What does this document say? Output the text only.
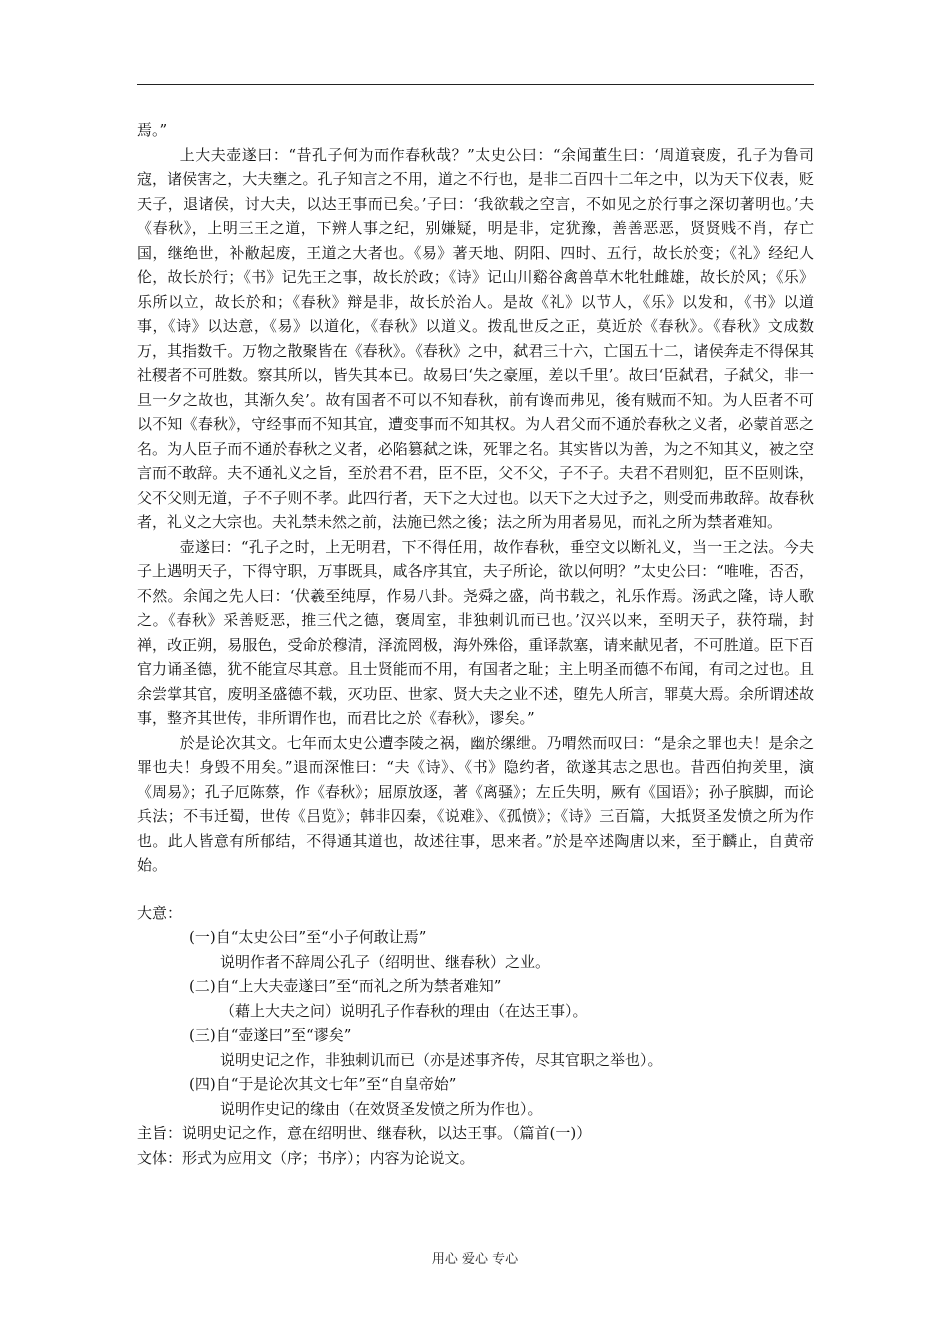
焉。”

上大夫壶遂曰：“昔孔子何为而作春秋哉？”太史公曰：“余闻董生曰：‘周道衰废，孔子为鲁司寇，诸侯害之，大夫壅之。孔子知言之不用，道之不行也，是非二百四十二年之中，以为天下仪表，贬天子，退诸侯，讨大夫，以达王事而已矣。’子曰：‘我欲载之空言，不如见之於行事之深切著明也。’夫《春秋》，上明三王之道，下辨人事之纪，别嫌疑，明是非，定犹豫，善善恶恶，贤贤贱不肖，存亡国，继绝世，补敝起废，王道之大者也。《易》著天地、阴阳、四时、五行，故长於变；《礼》经纪人伦，故长於行；《书》记先王之事，故长於政；《诗》记山川谿谷禽兽草木牝牡雌雄，故长於风；《乐》乐所以立，故长於和；《春秋》辩是非，故长於治人。是故《礼》以节人，《乐》以发和，《书》以道事，《诗》以达意，《易》以道化，《春秋》以道义。拨乱世反之正，莫近於《春秋》。《春秋》文成数万，其指数千。万物之散聚皆在《春秋》。《春秋》之中，弑君三十六，亡国五十二，诸侯奔走不得保其社稷者不可胜数。察其所以，皆失其本已。故易曰‘失之豪厘，差以千里’。故曰‘臣弑君，子弑父，非一旦一夕之故也，其渐久矣’。故有国者不可以不知春秋，前有谗而弗见，後有贼而不知。为人臣者不可以不知《春秋》，守经事而不知其宜，遭变事而不知其权。为人君父而不通於春秋之义者，必蒙首恶之名。为人臣子而不通於春秋之义者，必陷篡弑之诛，死罪之名。其实皆以为善，为之不知其义，被之空言而不敢辞。夫不通礼义之旨，至於君不君，臣不臣，父不父，子不子。夫君不君则犯，臣不臣则诛，父不父则无道，子不子则不孝。此四行者，天下之大过也。以天下之大过予之，则受而弗敢辞。故春秋者，礼义之大宗也。夫礼禁未然之前，法施已然之後；法之所为用者易见，而礼之所为禁者难知。

壶遂曰：“孔子之时，上无明君，下不得任用，故作春秋，垂空文以断礼义，当一王之法。今夫子上遇明天子，下得守职，万事既具，咸各序其宜，夫子所论，欲以何明？”太史公曰：“唯唯，否否，不然。余闻之先人曰：‘伏羲至纯厚，作易八卦。尧舜之盛，尚书载之，礼乐作焉。汤武之隆，诗人歌之。《春秋》采善贬恶，推三代之德，褒周室，非独刺讥而已也。’汉兴以来，至明天子，获符瑞，封禅，改正朔，易服色，受命於穆清，泽流罔极，海外殊俗，重译款塞，请来献见者，不可胜道。臣下百官力诵圣德，犹不能宣尽其意。且士贤能而不用，有国者之耻；主上明圣而德不布闻，有司之过也。且余尝掌其官，废明圣盛德不载，灭功臣、世家、贤大夫之业不述，堕先人所言，罪莫大焉。余所谓述故事，整齐其世传，非所谓作也，而君比之於《春秋》，谬矣。”

於是论次其文。七年而太史公遭李陵之祸，幽於缧绁。乃喟然而叹曰：“是余之罪也夫！是余之罪也夫！身毁不用矣。”退而深惟曰：“夫《诗》、《书》隐约者，欲遂其志之思也。昔西伯拘羑里，演《周易》；孔子厄陈蔡，作《春秋》；屈原放逐，著《离骚》；左丘失明，厥有《国语》；孙子膑脚，而论兵法；不韦迁蜀，世传《吕览》；韩非囚秦，《说难》、《孤愤》；《诗》三百篇，大抵贤圣发愤之所为作也。此人皆意有所郁结，不得通其道也，故述往事，思来者。”於是卒述陶唐以来，至于麟止，自黄帝始。

大意：

(一)自“太史公曰”至“小子何敢让焉”

说明作者不辞周公孔子（绍明世、继春秋）之业。

(二)自“上大夫壶遂曰”至“而礼之所为禁者难知”

（藉上大夫之问）说明孔子作春秋的理由（在达王事）。

(三)自“壶遂曰”至“谬矣”

说明史记之作，非独刺讥而已（亦是述事齐传，尽其官职之举也）。

(四)自“于是论次其文七年”至“自皇帝始”

说明作史记的缘由（在效贤圣发愤之所为作也）。

主旨：说明史记之作，意在绍明世、继春秋，以达王事。（篇首(一)）

文体：形式为应用文（序；书序）；内容为论说文。

用心 爱心 专心
